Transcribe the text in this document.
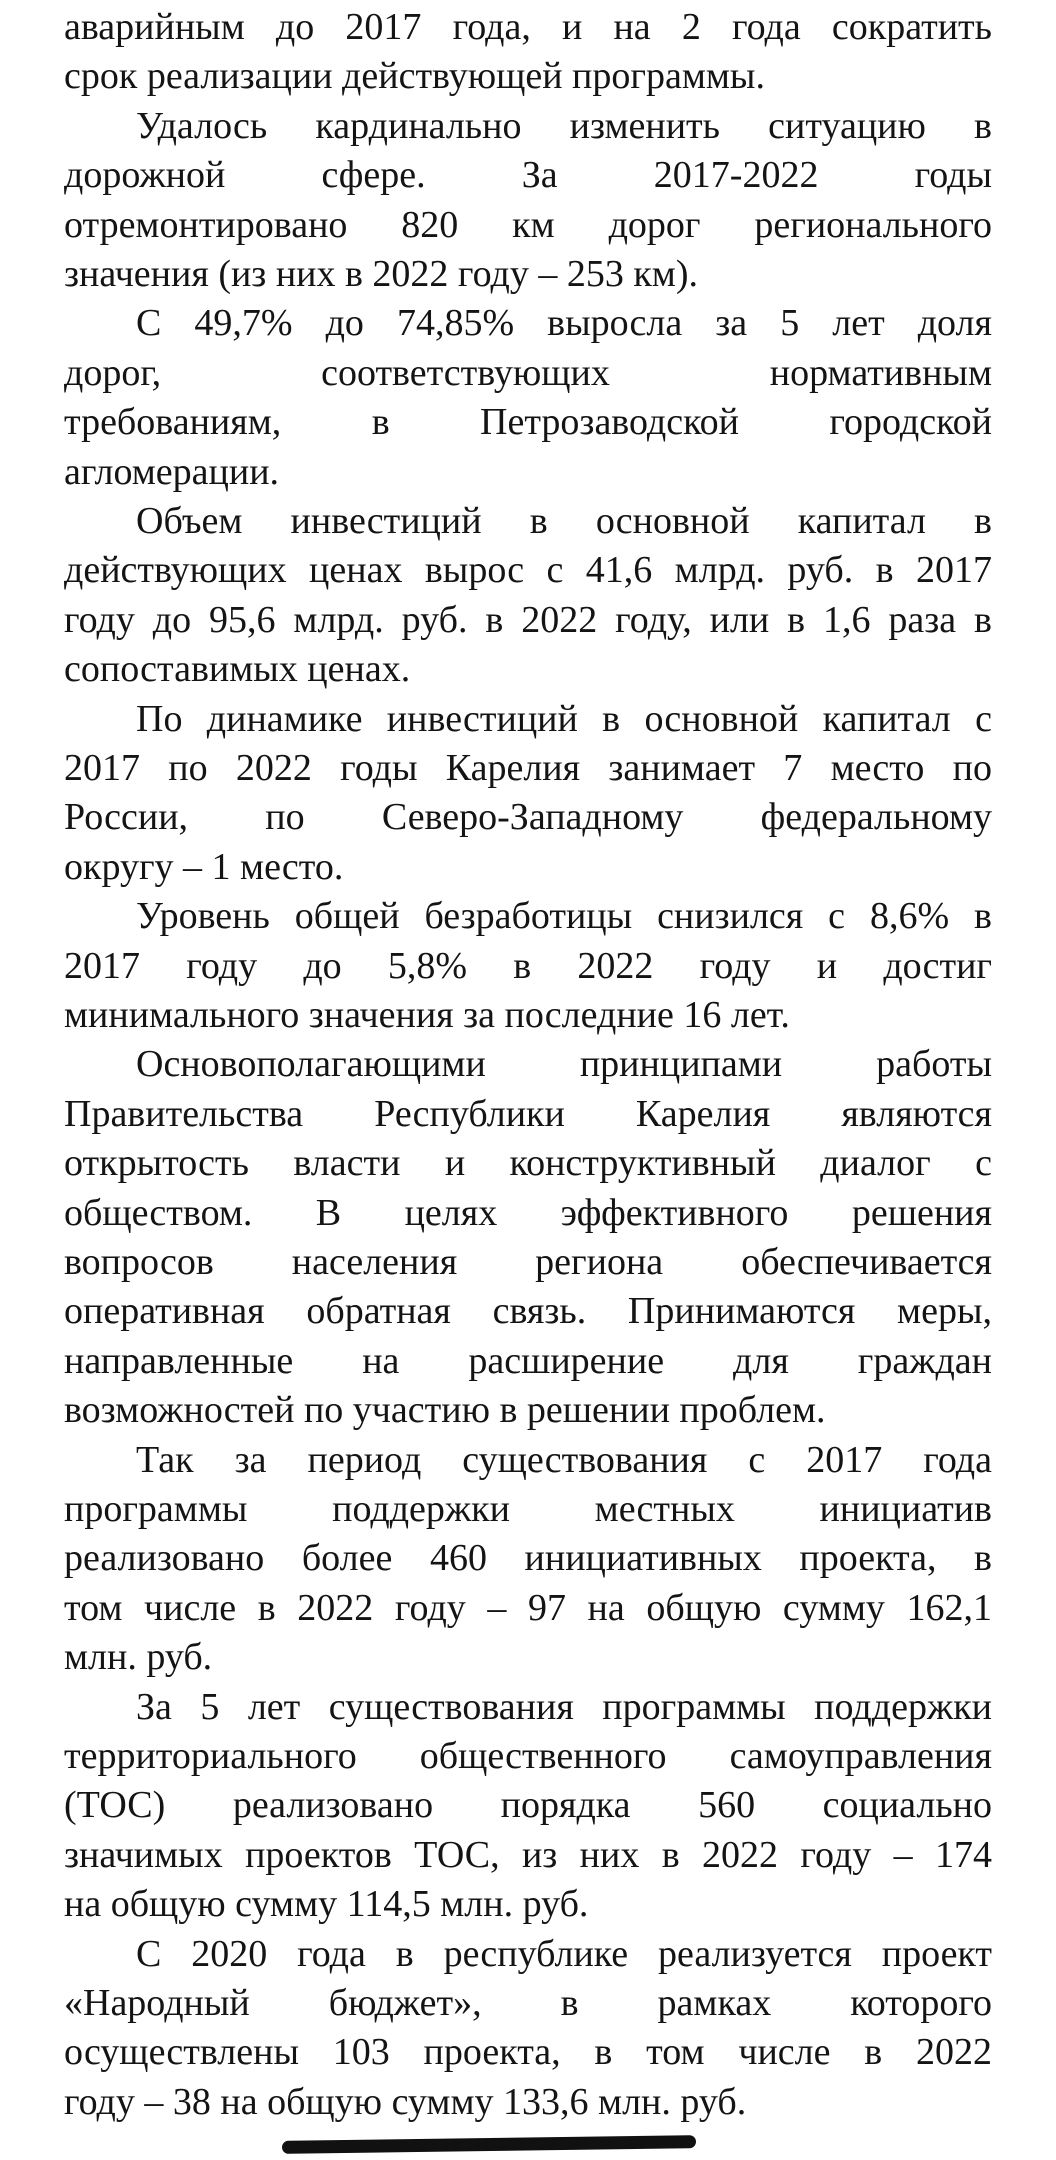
аварийным до 2017 года, и на 2 года сократить
срок реализации действующей программы.
Удалось кардинально изменить ситуацию в
дорожной сфере. За 2017-2022 годы
отремонтировано 820 км дорог регионального
значения (из них в 2022 году – 253 км).
С 49,7% до 74,85% выросла за 5 лет доля
дорог, соответствующих нормативным
требованиям, в Петрозаводской городской
агломерации.
Объем инвестиций в основной капитал в
действующих ценах вырос с 41,6 млрд. руб. в 2017
году до 95,6 млрд. руб. в 2022 году, или в 1,6 раза в
сопоставимых ценах.
По динамике инвестиций в основной капитал с
2017 по 2022 годы Карелия занимает 7 место по
России, по Северо-Западному федеральному
округу – 1 место.
Уровень общей безработицы снизился с 8,6% в
2017 году до 5,8% в 2022 году и достиг
минимального значения за последние 16 лет.
Основополагающими принципами работы
Правительства Республики Карелия являются
открытость власти и конструктивный диалог с
обществом. В целях эффективного решения
вопросов населения региона обеспечивается
оперативная обратная связь. Принимаются меры,
направленные на расширение для граждан
возможностей по участию в решении проблем.
Так за период существования с 2017 года
программы поддержки местных инициатив
реализовано более 460 инициативных проекта, в
том числе в 2022 году – 97 на общую сумму 162,1
млн. руб.
За 5 лет существования программы поддержки
территориального общественного самоуправления
(ТОС) реализовано порядка 560 социально
значимых проектов ТОС, из них в 2022 году – 174
на общую сумму 114,5 млн. руб.
С 2020 года в республике реализуется проект
«Народный бюджет», в рамках которого
осуществлены 103 проекта, в том числе в 2022
году – 38 на общую сумму 133,6 млн. руб.
